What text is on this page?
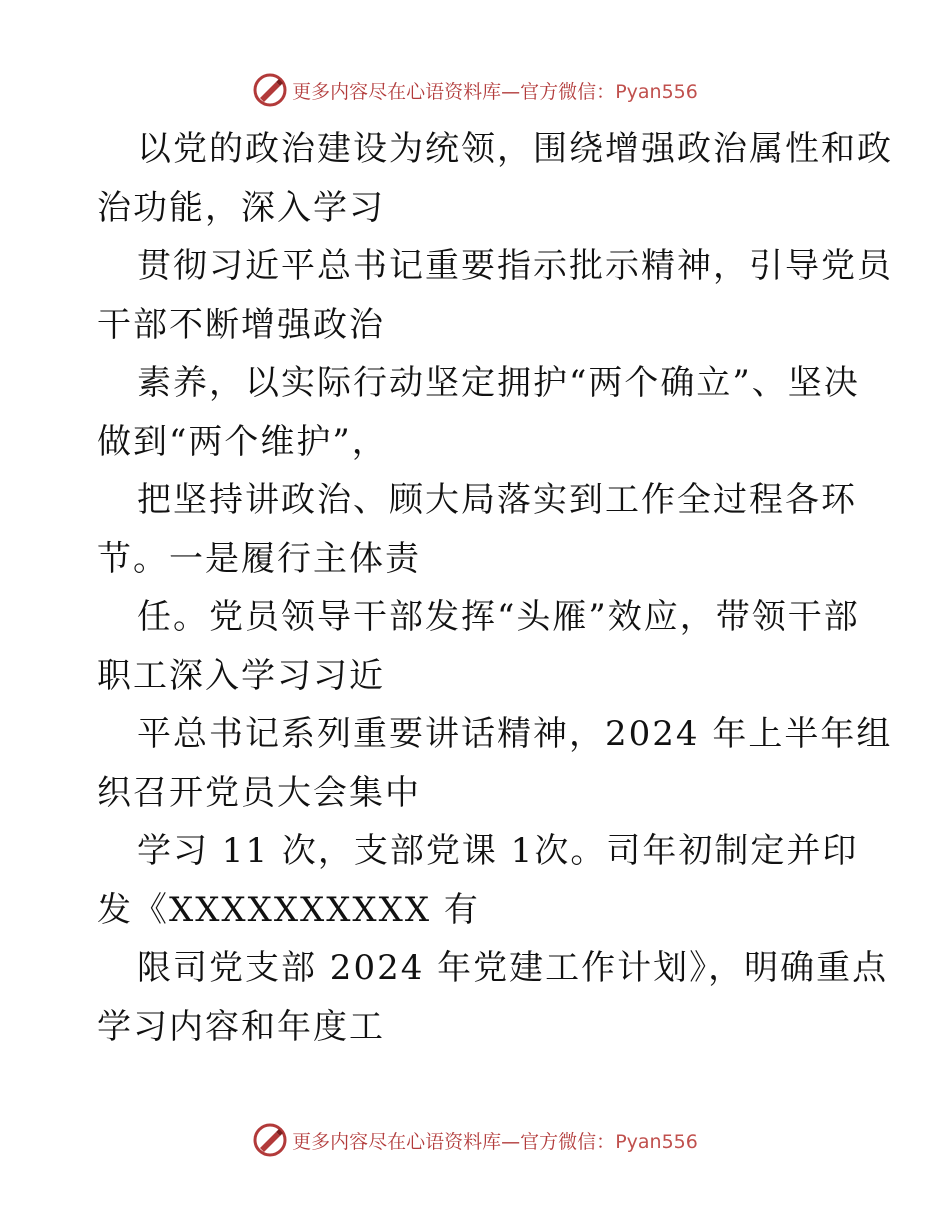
更多内容尽在心语资料库—官方微信：Pyan556
以党的政治建设为统领，围绕增强政治属性和政
治功能，深入学习
贯彻习近平总书记重要指示批示精神，引导党员
干部不断增强政治
素养，以实际行动坚定拥护“两个确立”、坚决
做到“两个维护”，
把坚持讲政治、顾大局落实到工作全过程各环
节。一是履行主体责
任。党员领导干部发挥“头雁”效应，带领干部
职工深入学习习近
平总书记系列重要讲话精神，2024 年上半年组
织召开党员大会集中
学习 11 次，支部党课 1次。司年初制定并印
发《XXXXXXXXXX 有
限司党支部 2024 年党建工作计划》，明确重点
学习内容和年度工
更多内容尽在心语资料库—官方微信：Pyan556
